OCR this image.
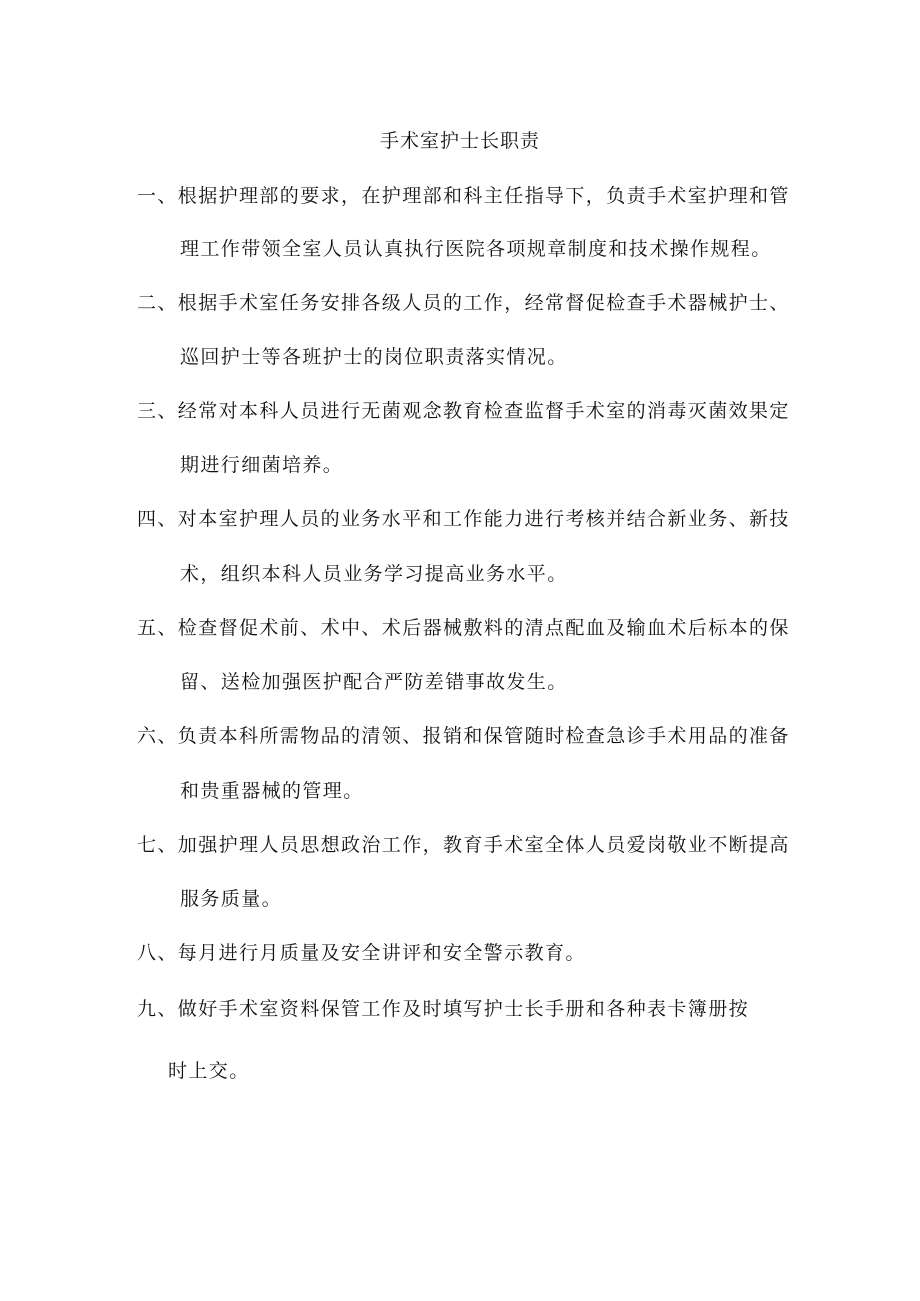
手术室护士长职责
一、根据护理部的要求，在护理部和科主任指导下，负责手术室护理和管
理工作带领全室人员认真执行医院各项规章制度和技术操作规程。
二、根据手术室任务安排各级人员的工作，经常督促检查手术器械护士、
巡回护士等各班护士的岗位职责落实情况。
三、经常对本科人员进行无菌观念教育检查监督手术室的消毒灭菌效果定
期进行细菌培养。
四、对本室护理人员的业务水平和工作能力进行考核并结合新业务、新技
术，组织本科人员业务学习提高业务水平。
五、检查督促术前、术中、术后器械敷料的清点配血及输血术后标本的保
留、送检加强医护配合严防差错事故发生。
六、负责本科所需物品的清领、报销和保管随时检查急诊手术用品的准备
和贵重器械的管理。
七、加强护理人员思想政治工作，教育手术室全体人员爱岗敬业不断提高
服务质量。
八、每月进行月质量及安全讲评和安全警示教育。
九、做好手术室资料保管工作及时填写护士长手册和各种表卡簿册按
时上交。
